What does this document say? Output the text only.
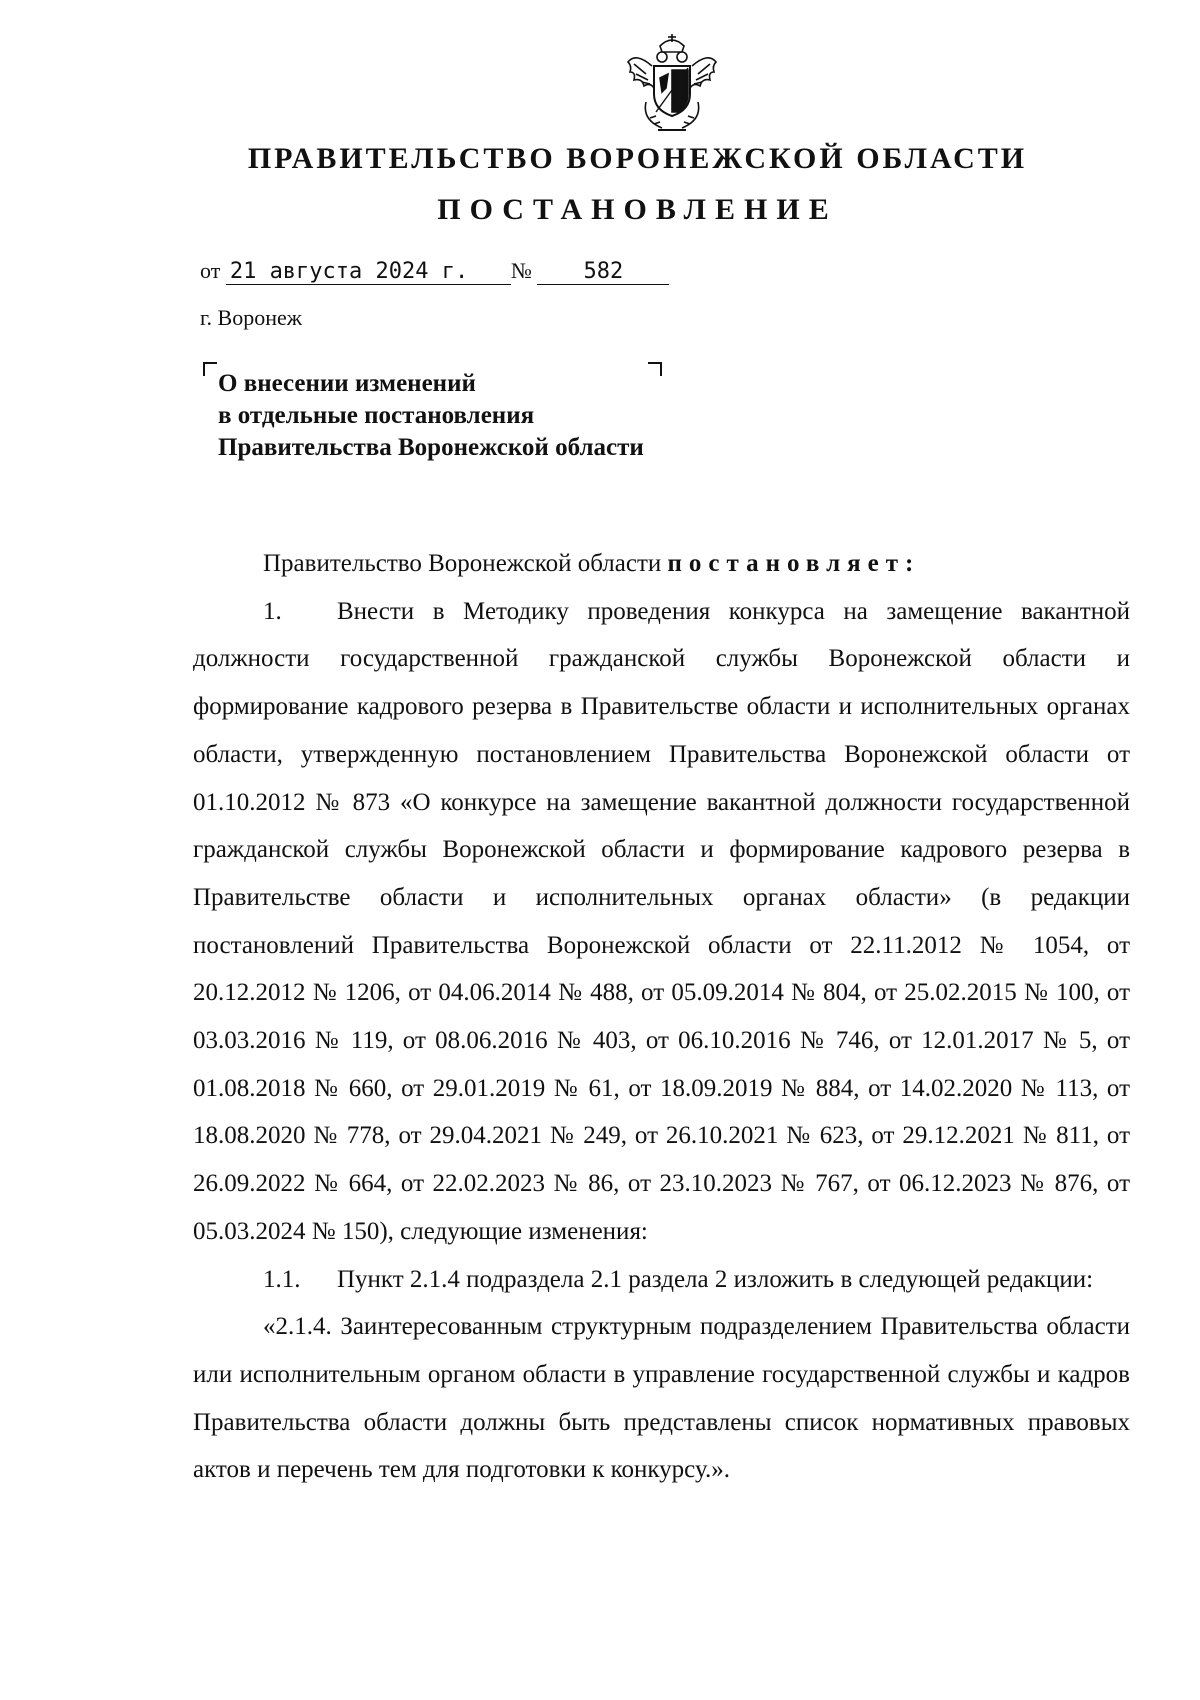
ПРАВИТЕЛЬСТВО ВОРОНЕЖСКОЙ ОБЛАСТИ
ПОСТАНОВЛЕНИЕ
от 21 августа 2024 г. № 582
г. Воронеж
О внесении изменений
в отдельные постановления
Правительства Воронежской области

Правительство Воронежской области постановляет:

1. Внести в Методику проведения конкурса на замещение вакантной должности государственной гражданской службы Воронежской области и формирование кадрового резерва в Правительстве области и исполнительных органах области, утвержденную постановлением Правительства Воронежской области от 01.10.2012 № 873 «О конкурсе на замещение вакантной должности государственной гражданской службы Воронежской области и формирование кадрового резерва в Правительстве области и исполнительных органах области» (в редакции постановлений Правительства Воронежской области от 22.11.2012 № 1054, от 20.12.2012 № 1206, от 04.06.2014 № 488, от 05.09.2014 № 804, от 25.02.2015 № 100, от 03.03.2016 № 119, от 08.06.2016 № 403, от 06.10.2016 № 746, от 12.01.2017 № 5, от 01.08.2018 № 660, от 29.01.2019 № 61, от 18.09.2019 № 884, от 14.02.2020 № 113, от 18.08.2020 № 778, от 29.04.2021 № 249, от 26.10.2021 № 623, от 29.12.2021 № 811, от 26.09.2022 № 664, от 22.02.2023 № 86, от 23.10.2023 № 767, от 06.12.2023 № 876, от 05.03.2024 № 150), следующие изменения:

1.1. Пункт 2.1.4 подраздела 2.1 раздела 2 изложить в следующей редакции:

«2.1.4. Заинтересованным структурным подразделением Правительства области или исполнительным органом области в управление государственной службы и кадров Правительства области должны быть представлены список нормативных правовых актов и перечень тем для подготовки к конкурсу.».
